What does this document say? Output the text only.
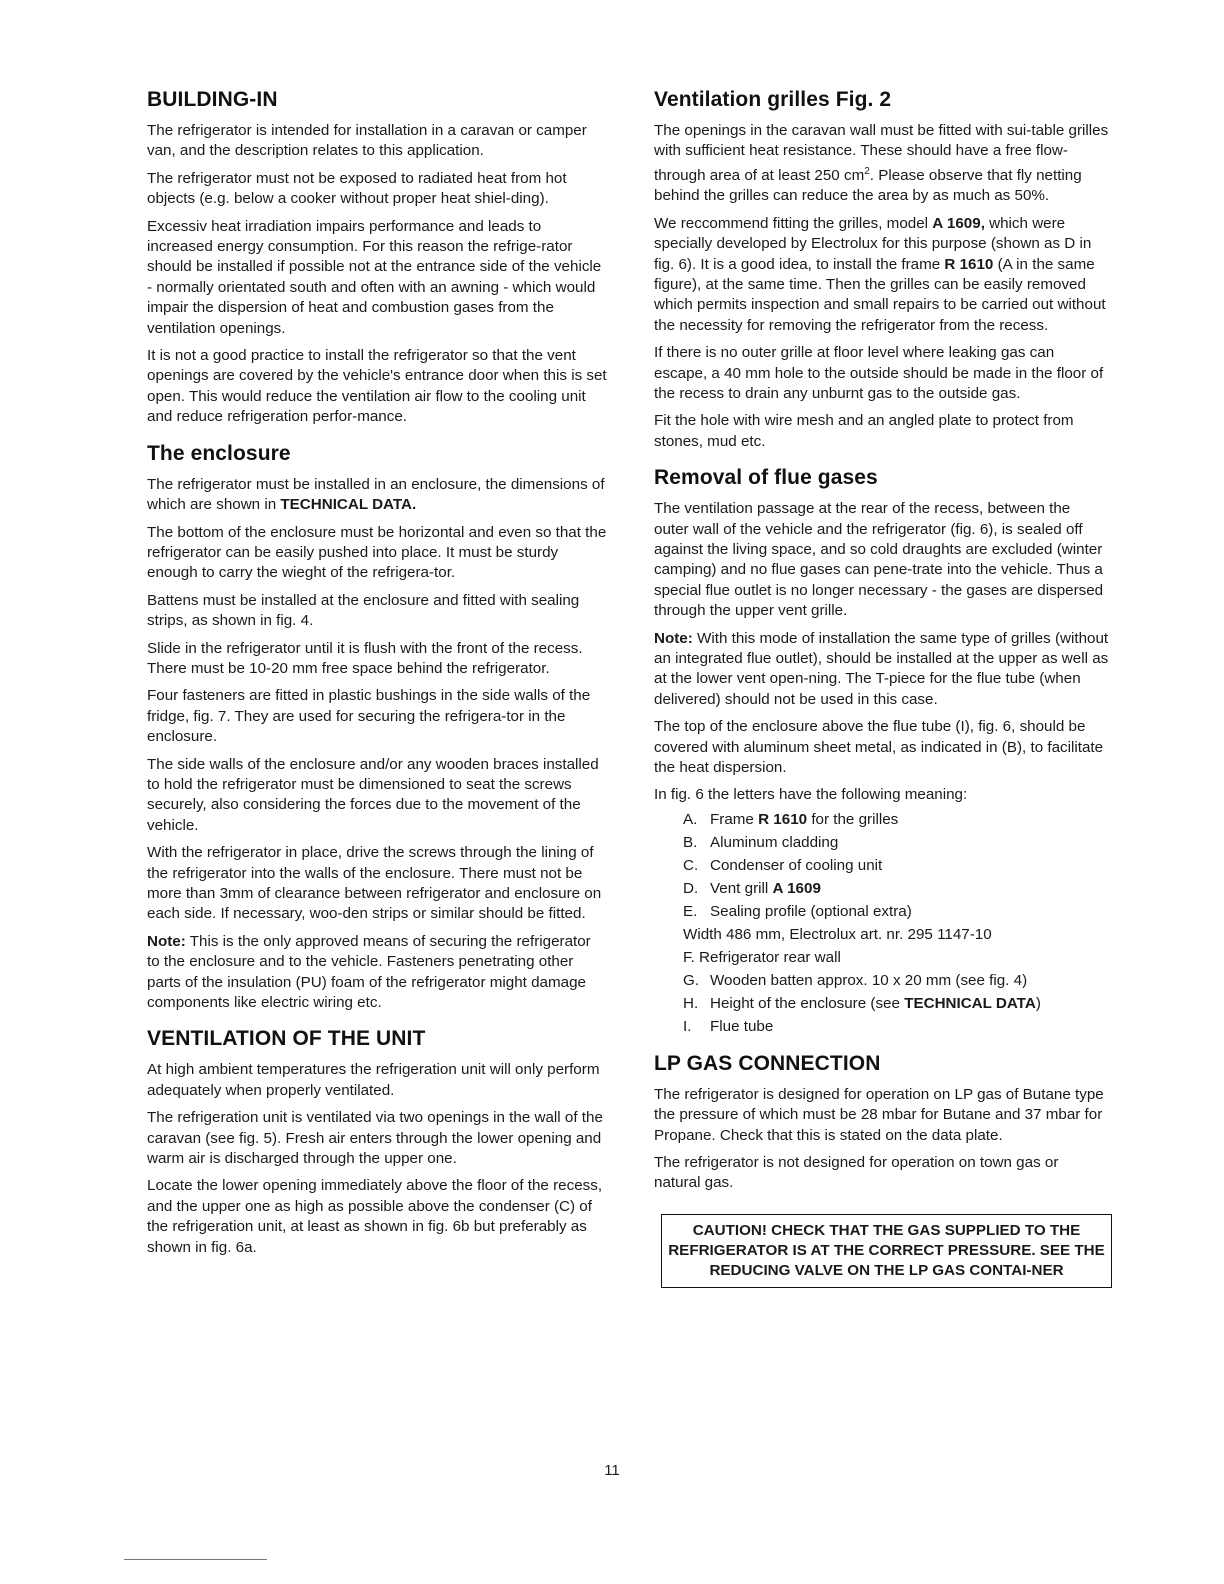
BUILDING-IN

The refrigerator is intended for installation in a caravan or camper van, and the description relates to this application.

The refrigerator must not be exposed to radiated heat from hot objects (e.g. below a cooker without proper heat shiel-ding).

Excessiv heat irradiation impairs performance and leads to increased energy consumption. For this reason the refrige-rator should be installed if possible not at the entrance side of the vehicle - normally orientated south and often with an awning - which would impair the dispersion of heat and combustion gases from the ventilation openings.

It is not a good practice to install the refrigerator so that the vent openings are covered by the vehicle's entrance door when this is set open. This would reduce the ventilation air flow to the cooling unit and reduce refrigeration perfor-mance.

The enclosure

The refrigerator must be installed in an enclosure, the dimensions of which are shown in TECHNICAL DATA.

The bottom of the enclosure must be horizontal and even so that the refrigerator can be easily pushed into place. It must be sturdy enough to carry the wieght of the refrigera-tor.

Battens must be installed at the enclosure and fitted with sealing strips, as shown in fig. 4.

Slide in the refrigerator until it is flush with the front of the recess. There must be 10-20 mm free space behind the refrigerator.

Four fasteners are fitted in plastic bushings in the side walls of the fridge, fig. 7. They are used for securing the refrigera-tor in the enclosure.

The side walls of the enclosure and/or any wooden braces installed to hold the refrigerator must be dimensioned to seat the screws securely, also considering the forces due to the movement of the vehicle.

With the refrigerator in place, drive the screws through the lining of the refrigerator into the walls of the enclosure. There must not be more than 3mm of clearance between refrigerator and enclosure on each side. If necessary, woo-den strips or similar should be fitted.

Note: This is the only approved means of securing the refrigerator to the enclosure and to the vehicle. Fasteners penetrating other parts of the insulation (PU) foam of the refrigerator might damage components like electric wiring etc.

VENTILATION OF THE UNIT

At high ambient temperatures the refrigeration unit will only perform adequately when properly ventilated.

The refrigeration unit is ventilated via two openings in the wall of the caravan (see fig. 5). Fresh air enters through the lower opening and warm air is discharged through the upper one.

Locate the lower opening immediately above the floor of the recess, and the upper one as high as possible above the condenser (C) of the refrigeration unit, at least as shown in fig. 6b but preferably as shown in fig. 6a.

Ventilation grilles Fig. 2

The openings in the caravan wall must be fitted with sui-table grilles with sufficient heat resistance. These should have a free flow-through area of at least 250 $cm^2$. Please observe that fly netting behind the grilles can reduce the area by as much as 50%.

We reccommend fitting the grilles, model A 1609, which were specially developed by Electrolux for this purpose (shown as D in fig. 6). It is a good idea, to install the frame R 1610 (A in the same figure), at the same time. Then the grilles can be easily removed which permits inspection and small repairs to be carried out without the necessity for removing the refrigerator from the recess.

If there is no outer grille at floor level where leaking gas can escape, a 40 mm hole to the outside should be made in the floor of the recess to drain any unburnt gas to the outside gas.

Fit the hole with wire mesh and an angled plate to protect from stones, mud etc.

Removal of flue gases

The ventilation passage at the rear of the recess, between the outer wall of the vehicle and the refrigerator (fig. 6), is sealed off against the living space, and so cold draughts are excluded (winter camping) and no flue gases can pene-trate into the vehicle. Thus a special flue outlet is no longer necessary - the gases are dispersed through the upper vent grille.

Note: With this mode of installation the same type of grilles (without an integrated flue outlet), should be installed at the upper as well as at the lower vent open-ning. The T-piece for the flue tube (when delivered) should not be used in this case.

The top of the enclosure above the flue tube (I), fig. 6, should be covered with aluminum sheet metal, as indicated in (B), to facilitate the heat dispersion.

In fig. 6 the letters have the following meaning:

A. Frame R 1610 for the grilles
B. Aluminum cladding
C. Condenser of cooling unit
D. Vent grill A 1609
E. Sealing profile (optional extra)
Width 486 mm, Electrolux art. nr. 295 1147-10
F. Refrigerator rear wall
G. Wooden batten approx. 10 x 20 mm (see fig. 4)
H. Height of the enclosure (see TECHNICAL DATA)
I. Flue tube
LP GAS CONNECTION

The refrigerator is designed for operation on LP gas of Butane type the pressure of which must be 28 mbar for Butane and 37 mbar for Propane. Check that this is stated on the data plate.

The refrigerator is not designed for operation on town gas or natural gas.

CAUTION! CHECK THAT THE GAS SUPPLIED TO THE REFRIGERATOR IS AT THE CORRECT PRESSURE. SEE THE REDUCING VALVE ON THE LP GAS CONTAI-NER
11
